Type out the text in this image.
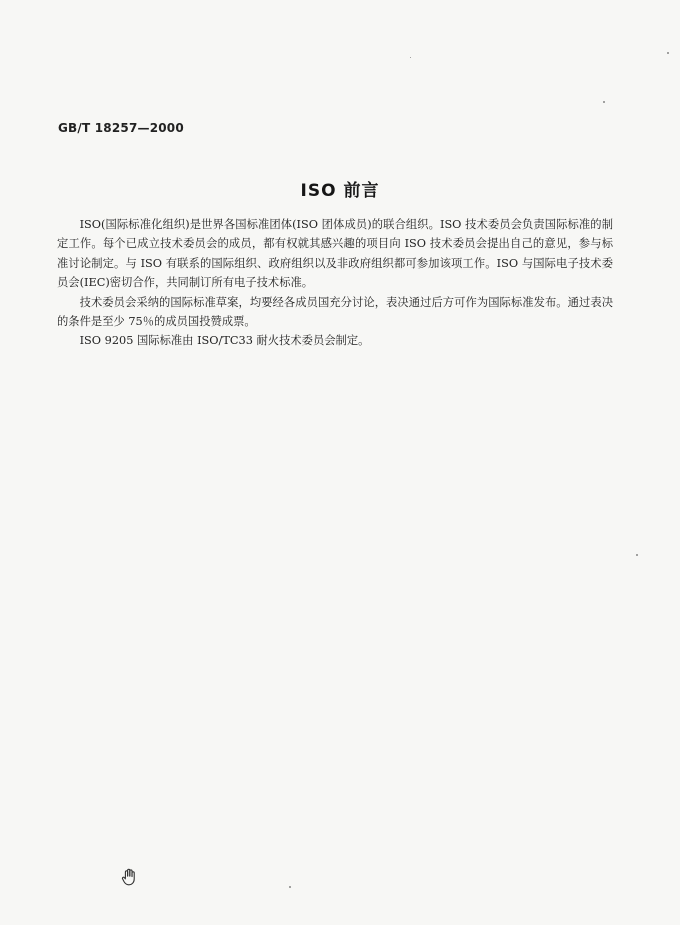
GB/T 18257—2000
ISO 前言

ISO(国际标准化组织)是世界各国标准团体(ISO 团体成员)的联合组织。ISO 技术委员会负责国际标准的制定工作。每个已成立技术委员会的成员，都有权就其感兴趣的项目向 ISO 技术委员会提出自己的意见，参与标准讨论制定。与 ISO 有联系的国际组织、政府组织以及非政府组织都可参加该项工作。ISO 与国际电子技术委员会(IEC)密切合作，共同制订所有电子技术标准。

技术委员会采纳的国际标准草案，均要经各成员国充分讨论，表决通过后方可作为国际标准发布。通过表决的条件是至少 75％的成员国投赞成票。

ISO 9205 国际标准由 ISO/TC33 耐火技术委员会制定。
